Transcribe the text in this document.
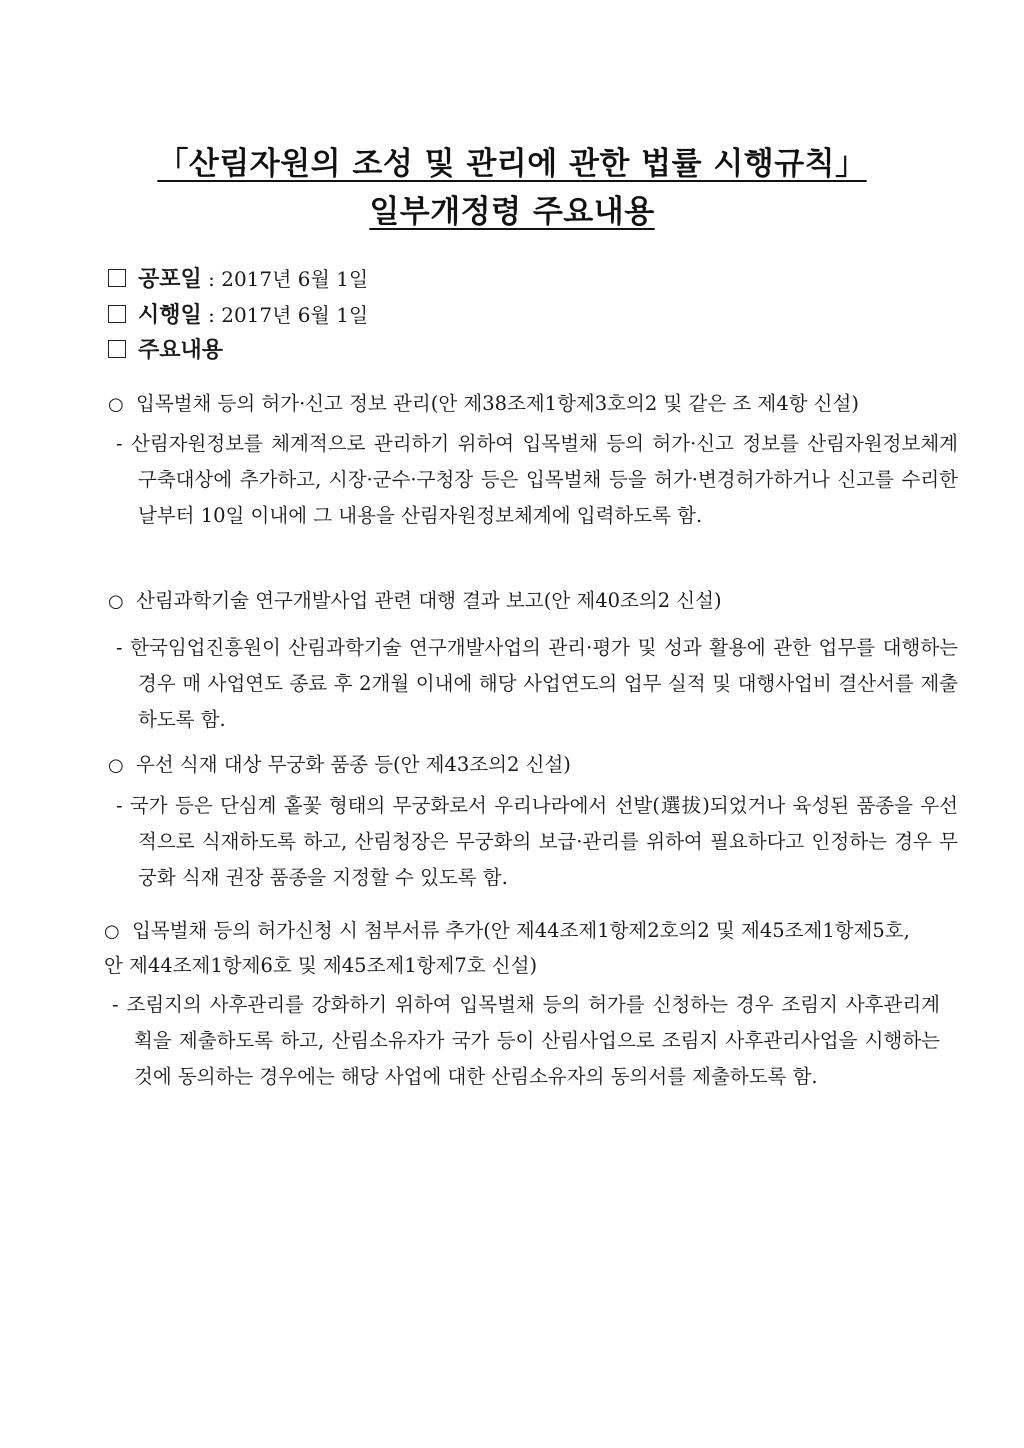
「산림자원의 조성 및 관리에 관한 법률 시행규칙」
일부개정령 주요내용
공포일 : 2017년 6월 1일
시행일 : 2017년 6월 1일
주요내용
○ 입목벌채 등의 허가·신고 정보 관리(안 제38조제1항제3호의2 및 같은 조 제4항 신설)
- 산림자원정보를 체계적으로 관리하기 위하여 입목벌채 등의 허가·신고 정보를 산림자원정보체계 구축대상에 추가하고, 시장·군수·구청장 등은 입목벌채 등을 허가·변경허가하거나 신고를 수리한 날부터 10일 이내에 그 내용을 산림자원정보체계에 입력하도록 함.
○ 산림과학기술 연구개발사업 관련 대행 결과 보고(안 제40조의2 신설)
- 한국임업진흥원이 산림과학기술 연구개발사업의 관리·평가 및 성과 활용에 관한 업무를 대행하는 경우 매 사업연도 종료 후 2개월 이내에 해당 사업연도의 업무 실적 및 대행사업비 결산서를 제출하도록 함.
○ 우선 식재 대상 무궁화 품종 등(안 제43조의2 신설)
- 국가 등은 단심계 홑꽃 형태의 무궁화로서 우리나라에서 선발(選拔)되었거나 육성된 품종을 우선적으로 식재하도록 하고, 산림청장은 무궁화의 보급·관리를 위하여 필요하다고 인정하는 경우 무궁화 식재 권장 품종을 지정할 수 있도록 함.
○ 입목벌채 등의 허가신청 시 첨부서류 추가(안 제44조제1항제2호의2 및 제45조제1항제5호, 안 제44조제1항제6호 및 제45조제1항제7호 신설)
- 조림지의 사후관리를 강화하기 위하여 입목벌채 등의 허가를 신청하는 경우 조림지 사후관리계획을 제출하도록 하고, 산림소유자가 국가 등이 산림사업으로 조림지 사후관리사업을 시행하는 것에 동의하는 경우에는 해당 사업에 대한 산림소유자의 동의서를 제출하도록 함.
